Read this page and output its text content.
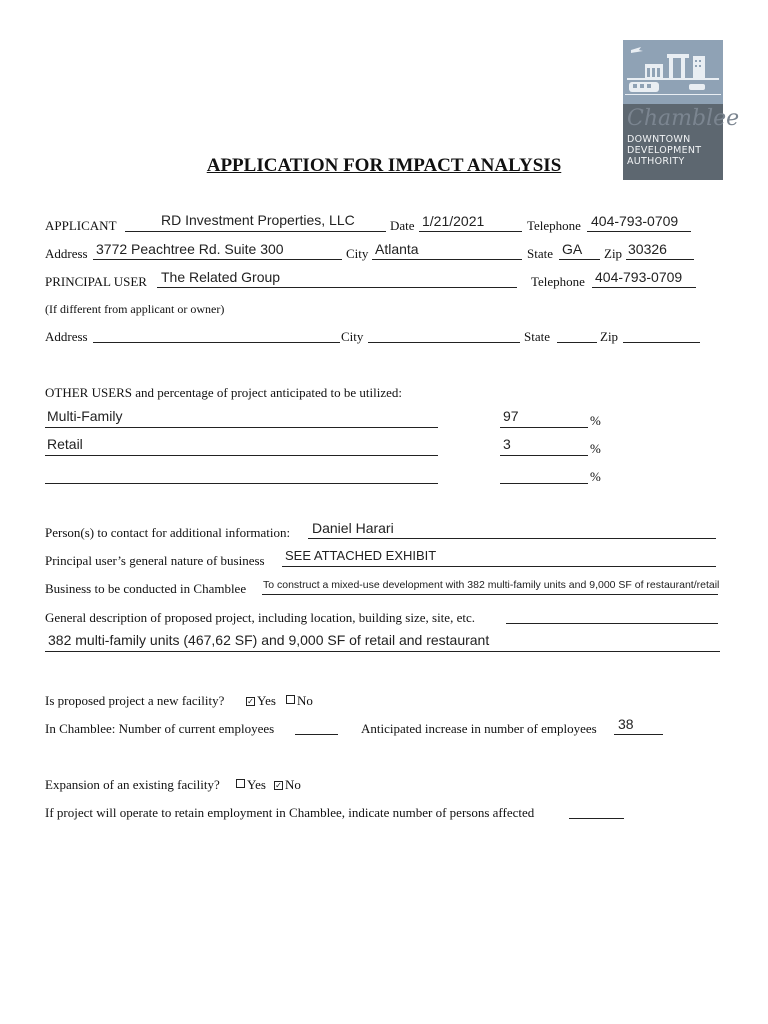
Chamblee
DOWNTOWN
DEVELOPMENT
AUTHORITY
APPLICATION FOR IMPACT ANALYSIS
APPLICANT	RD Investment Properties, LLC	Date 1/21/2021	Telephone 404-793-0709
Address 3772 Peachtree Rd. Suite 300	City Atlanta	State GA Zip 30326
PRINCIPAL USER The Related Group	Telephone 404-793-0709
(If different from applicant or owner)
Address	City	State	Zip
OTHER USERS and percentage of project anticipated to be utilized:
Multi-Family	97	%
Retail	3	%
%
Person(s) to contact for additional information: Daniel Harari
Principal user’s general nature of business SEE ATTACHED EXHIBIT
Business to be conducted in Chamblee To construct a mixed-use development with 382 multi-family units and 9,000 SF of restaurant/retail
General description of proposed project, including location, building size, site, etc.
382 multi-family units (467,62 SF) and 9,000 SF of retail and restaurant
Is proposed project a new facility?	✓ Yes	No
In Chamblee: Number of current employees	Anticipated increase in number of employees 38
Expansion of an existing facility?	Yes ✓ No
If project will operate to retain employment in Chamblee, indicate number of persons affected
